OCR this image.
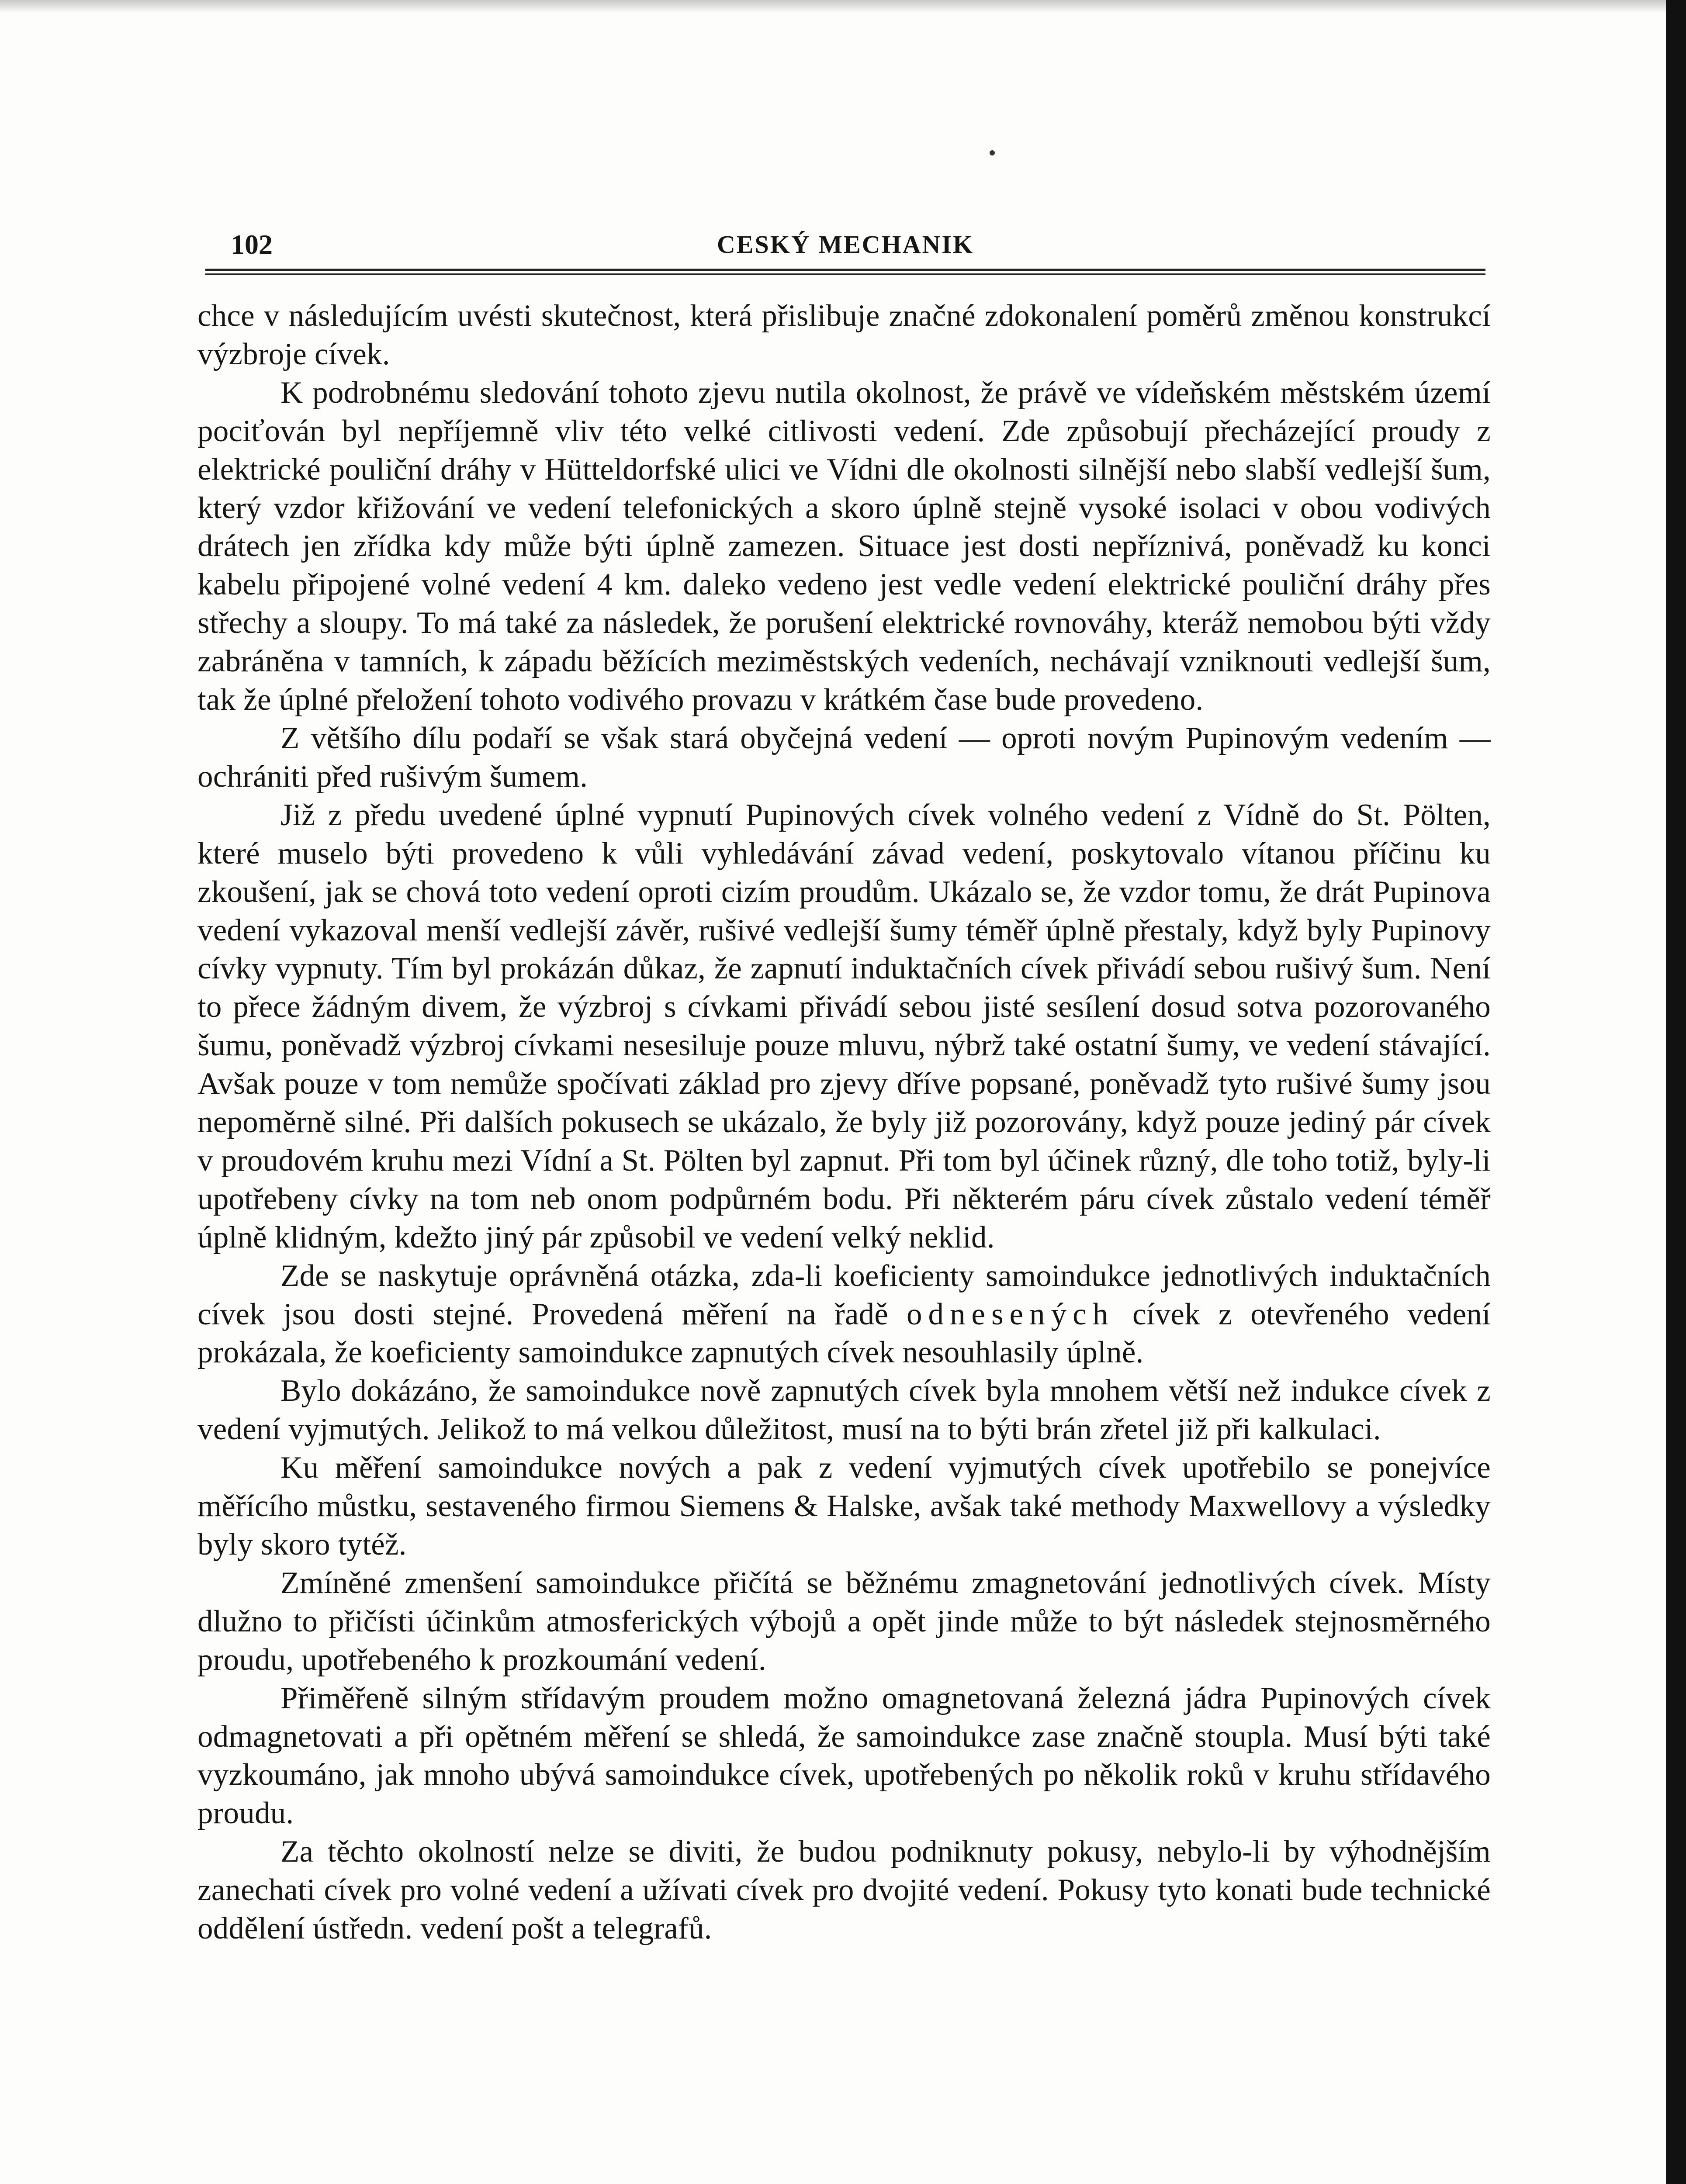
102	CESKÝ MECHANIK

chce v následujícím uvésti skutečnost, která přislibuje značné zdokonalení poměrů změnou konstrukcí výzbroje cívek.

K podrobnému sledování tohoto zjevu nutila okolnost, že právě ve vídeňském městském území pociťován byl nepříjemně vliv této velké citlivosti vedení. Zde způsobují přecházející proudy z elektrické pouliční dráhy v Hütteldorfské ulici ve Vídni dle okolnosti silnější nebo slabší vedlejší šum, který vzdor křižování ve vedení telefonických a skoro úplně stejně vysoké isolaci v obou vodivých drátech jen zřídka kdy může býti úplně zamezen. Situace jest dosti nepříznivá, poněvadž ku konci kabelu připojené volné vedení 4 km. daleko vedeno jest vedle vedení elektrické pouliční dráhy přes střechy a sloupy. To má také za následek, že porušení elektrické rovnováhy, kteráž nemobou býti vždy zabráněna v tamních, k západu běžících meziměstských vedeních, nechávají vzniknouti vedlejší šum, tak že úplné přeložení tohoto vodivého provazu v krátkém čase bude provedeno.

Z většího dílu podaří se však stará obyčejná vedení — oproti novým Pupinovým vedením — ochrániti před rušivým šumem.

Již z předu uvedené úplné vypnutí Pupinových cívek volného vedení z Vídně do St. Pölten, které muselo býti provedeno k vůli vyhledávání závad vedení, poskytovalo vítanou příčinu ku zkoušení, jak se chová toto vedení oproti cizím proudům. Ukázalo se, že vzdor tomu, že drát Pupinova vedení vykazoval menší vedlejší závěr, rušivé vedlejší šumy téměř úplně přestaly, když byly Pupinovy cívky vypnuty. Tím byl prokázán důkaz, že zapnutí induktačních cívek přivádí sebou rušivý šum. Není to přece žádným divem, že výzbroj s cívkami přivádí sebou jisté sesílení dosud sotva pozorovaného šumu, poněvadž výzbroj cívkami nesesiluje pouze mluvu, nýbrž také ostatní šumy, ve vedení stávající. Avšak pouze v tom nemůže spočívati základ pro zjevy dříve popsané, poněvadž tyto rušivé šumy jsou nepoměrně silné. Při dalších pokusech se ukázalo, že byly již pozorovány, když pouze jediný pár cívek v proudovém kruhu mezi Vídní a St. Pölten byl zapnut. Při tom byl účinek různý, dle toho totiž, byly-li upotřebeny cívky na tom neb onom podpůrném bodu. Při některém páru cívek zůstalo vedení téměř úplně klidným, kdežto jiný pár způsobil ve vedení velký neklid.

Zde se naskytuje oprávněná otázka, zda-li koeficienty samoindukce jednotlivých induktačních cívek jsou dosti stejné. Provedená měření na řadě odnesených cívek z otevřeného vedení prokázala, že koeficienty samoindukce zapnutých cívek nesouhlasily úplně.

Bylo dokázáno, že samoindukce nově zapnutých cívek byla mnohem větší než indukce cívek z vedení vyjmutých. Jelikož to má velkou důležitost, musí na to býti brán zřetel již při kalkulaci.

Ku měření samoindukce nových a pak z vedení vyjmutých cívek upotřebilo se ponejvíce měřícího můstku, sestaveného firmou Siemens & Halske, avšak také methody Maxwellovy a výsledky byly skoro tytéž.

Zmíněné zmenšení samoindukce přičítá se běžnému zmagnetování jednotlivých cívek. Místy dlužno to přičísti účinkům atmosferických výbojů a opět jinde může to být následek stejnosměrného proudu, upotřebeného k prozkoumání vedení.

Přiměřeně silným střídavým proudem možno omagnetovaná železná jádra Pupinových cívek odmagnetovati a při opětném měření se shledá, že samoindukce zase značně stoupla. Musí býti také vyzkoumáno, jak mnoho ubývá samoindukce cívek, upotřebených po několik roků v kruhu střídavého proudu.

Za těchto okolností nelze se diviti, že budou podniknuty pokusy, nebylo-li by výhodnějším zanechati cívek pro volné vedení a užívati cívek pro dvojité vedení. Pokusy tyto konati bude technické oddělení ústředn. vedení pošt a telegrafů.
